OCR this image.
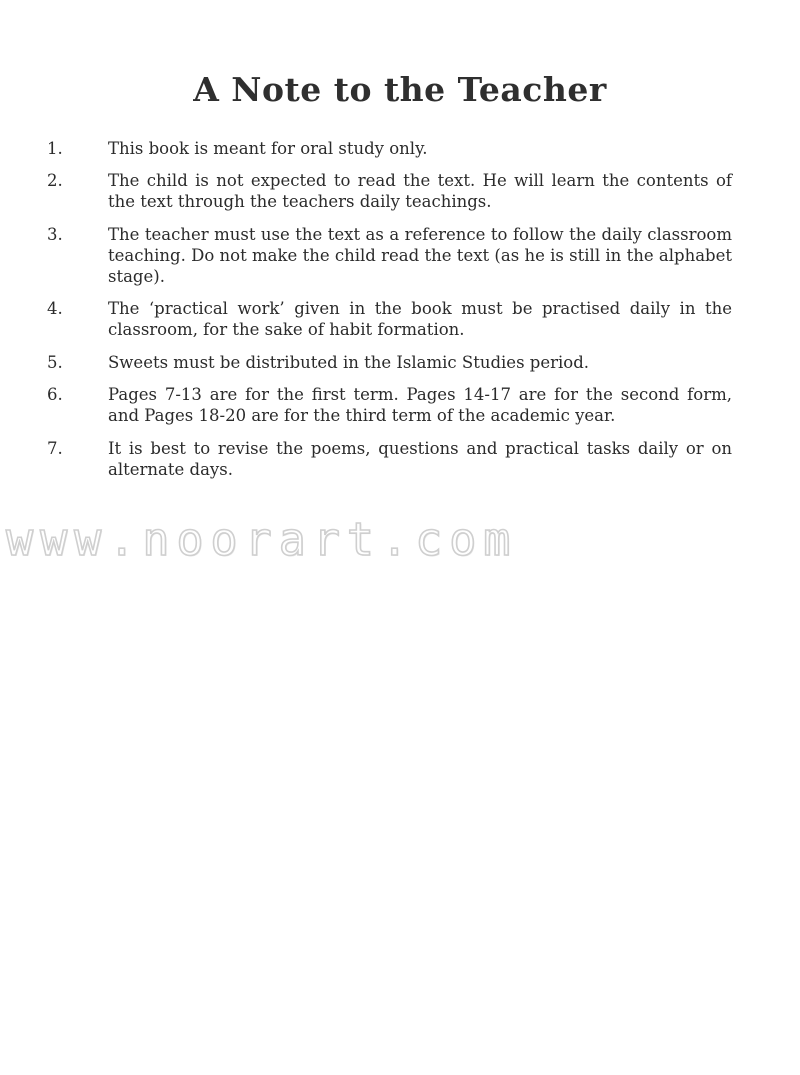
A Note to the Teacher
1.	This book is meant for oral study only.
2.	The child is not expected to read the text. He will learn the contents of the text through the teachers daily teachings.
3.	The teacher must use the text as a reference to follow the daily classroom teaching. Do not make the child read the text (as he is still in the alphabet stage).
4.	The ‘practical work’ given in the book must be practised daily in the classroom, for the sake of habit formation.
5.	Sweets must be distributed in the Islamic Studies period.
6.	Pages 7-13 are for the first term. Pages 14-17 are for the second form, and Pages 18-20 are for the third term of the academic year.
7.	It is best to revise the poems, questions and practical tasks daily or on alternate days.
www.noorart.com
